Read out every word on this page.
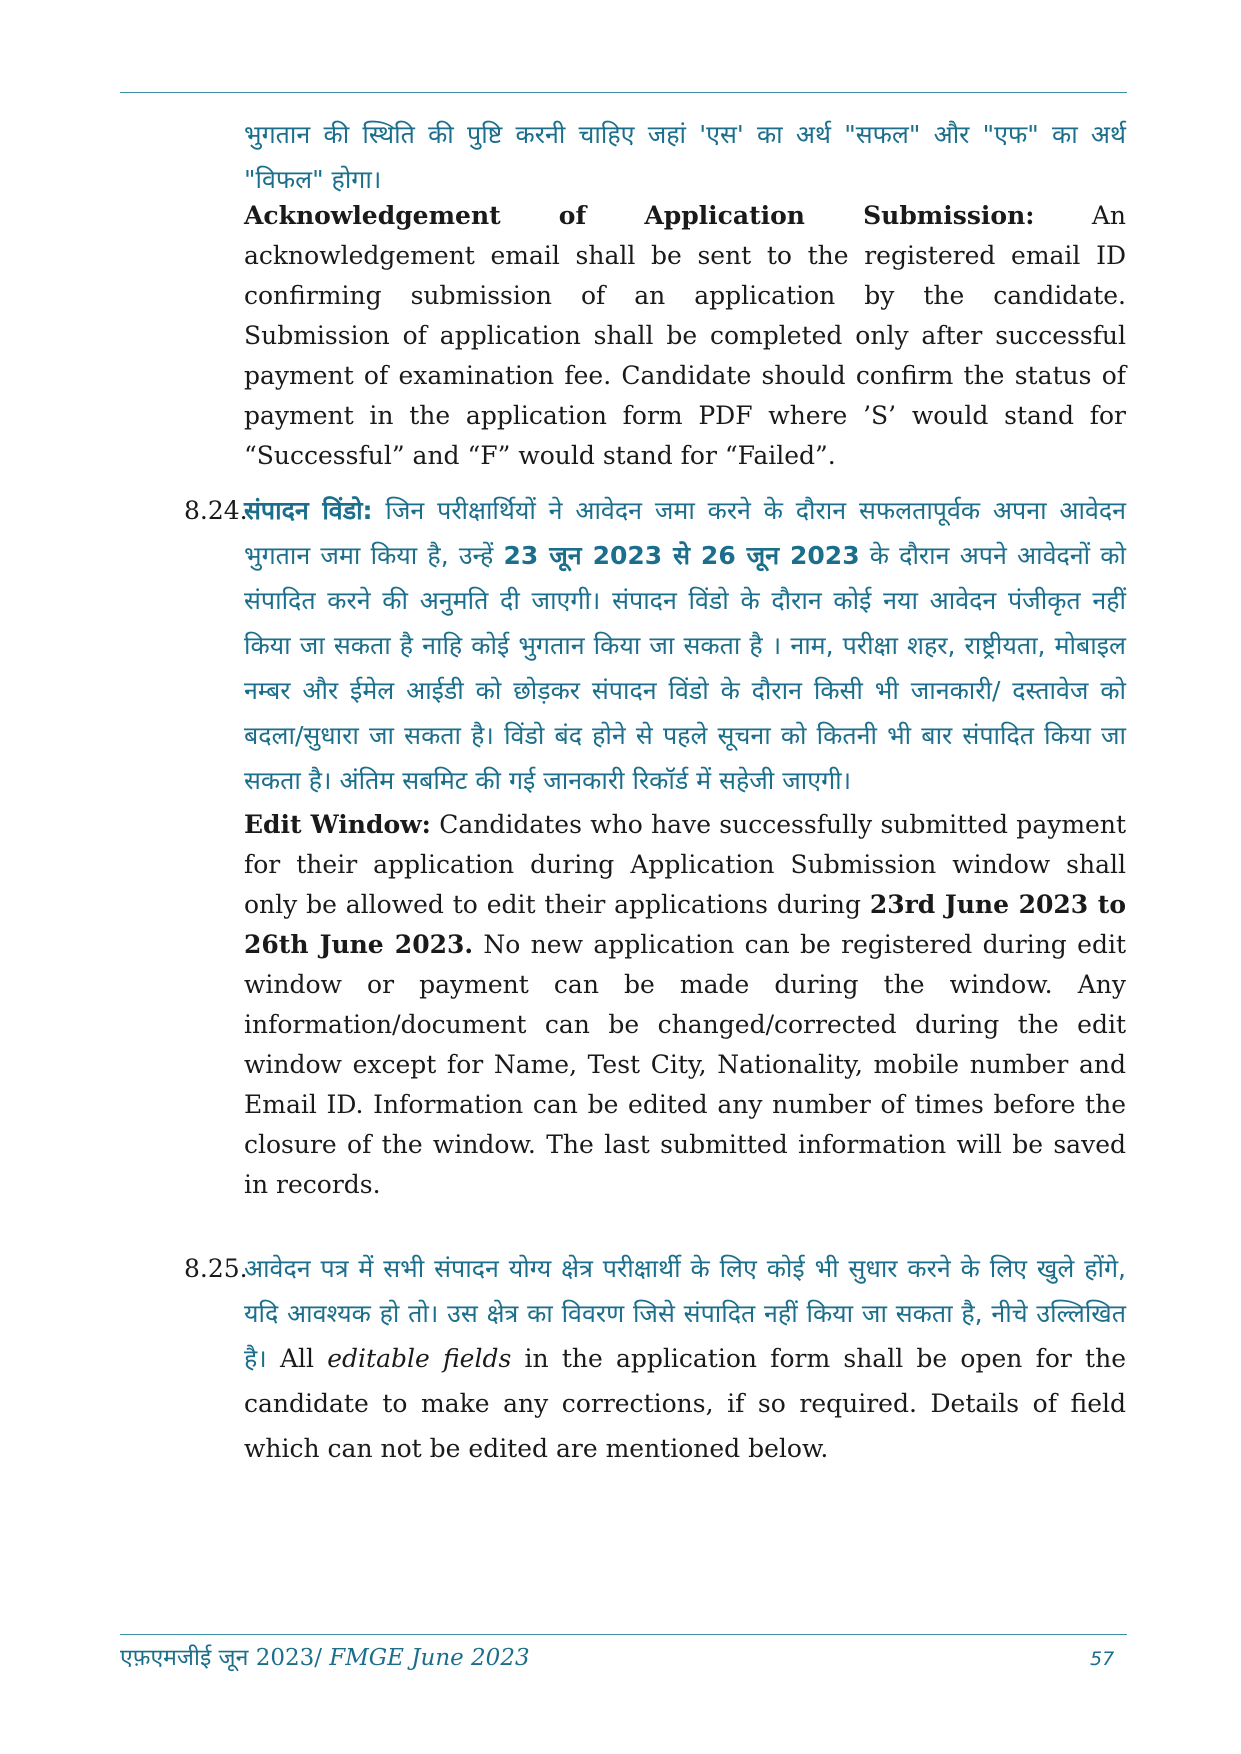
भुगतान की स्थिति की पुष्टि करनी चाहिए जहां 'एस' का अर्थ "सफल" और "एफ" का अर्थ "विफल" होगा।

Acknowledgement of Application Submission: An acknowledgement email shall be sent to the registered email ID confirming submission of an application by the candidate. Submission of application shall be completed only after successful payment of examination fee. Candidate should confirm the status of payment in the application form PDF where ’S’ would stand for “Successful” and “F” would stand for “Failed”.

8.24.

संपादन विंडो: जिन परीक्षार्थियों ने आवेदन जमा करने के दौरान सफलतापूर्वक अपना आवेदन भुगतान जमा किया है, उन्हें 23 जून 2023 से 26 जून 2023 के दौरान अपने आवेदनों को संपादित करने की अनुमति दी जाएगी। संपादन विंडो के दौरान कोई नया आवेदन पंजीकृत नहीं किया जा सकता है नाहि कोई भुगतान किया जा सकता है । नाम, परीक्षा शहर, राष्ट्रीयता, मोबाइल नम्बर और ईमेल आईडी को छोड़कर संपादन विंडो के दौरान किसी भी जानकारी/ दस्तावेज को बदला/सुधारा जा सकता है। विंडो बंद होने से पहले सूचना को कितनी भी बार संपादित किया जा सकता है। अंतिम सबमिट की गई जानकारी रिकॉर्ड में सहेजी जाएगी।

Edit Window: Candidates who have successfully submitted payment for their application during Application Submission window shall only be allowed to edit their applications during 23rd June 2023 to 26th June 2023. No new application can be registered during edit window or payment can be made during the window. Any information/document can be changed/corrected during the edit window except for Name, Test City, Nationality, mobile number and Email ID. Information can be edited any number of times before the closure of the window. The last submitted information will be saved in records.

8.25.

आवेदन पत्र में सभी संपादन योग्य क्षेत्र परीक्षार्थी के लिए कोई भी सुधार करने के लिए खुले होंगे, यदि आवश्यक हो तो। उस क्षेत्र का विवरण जिसे संपादित नहीं किया जा सकता है, नीचे उल्लिखित है। All editable fields in the application form shall be open for the candidate to make any corrections, if so required. Details of field which can not be edited are mentioned below.

एफ़एमजीई जून 2023/ FMGE June 2023	57
